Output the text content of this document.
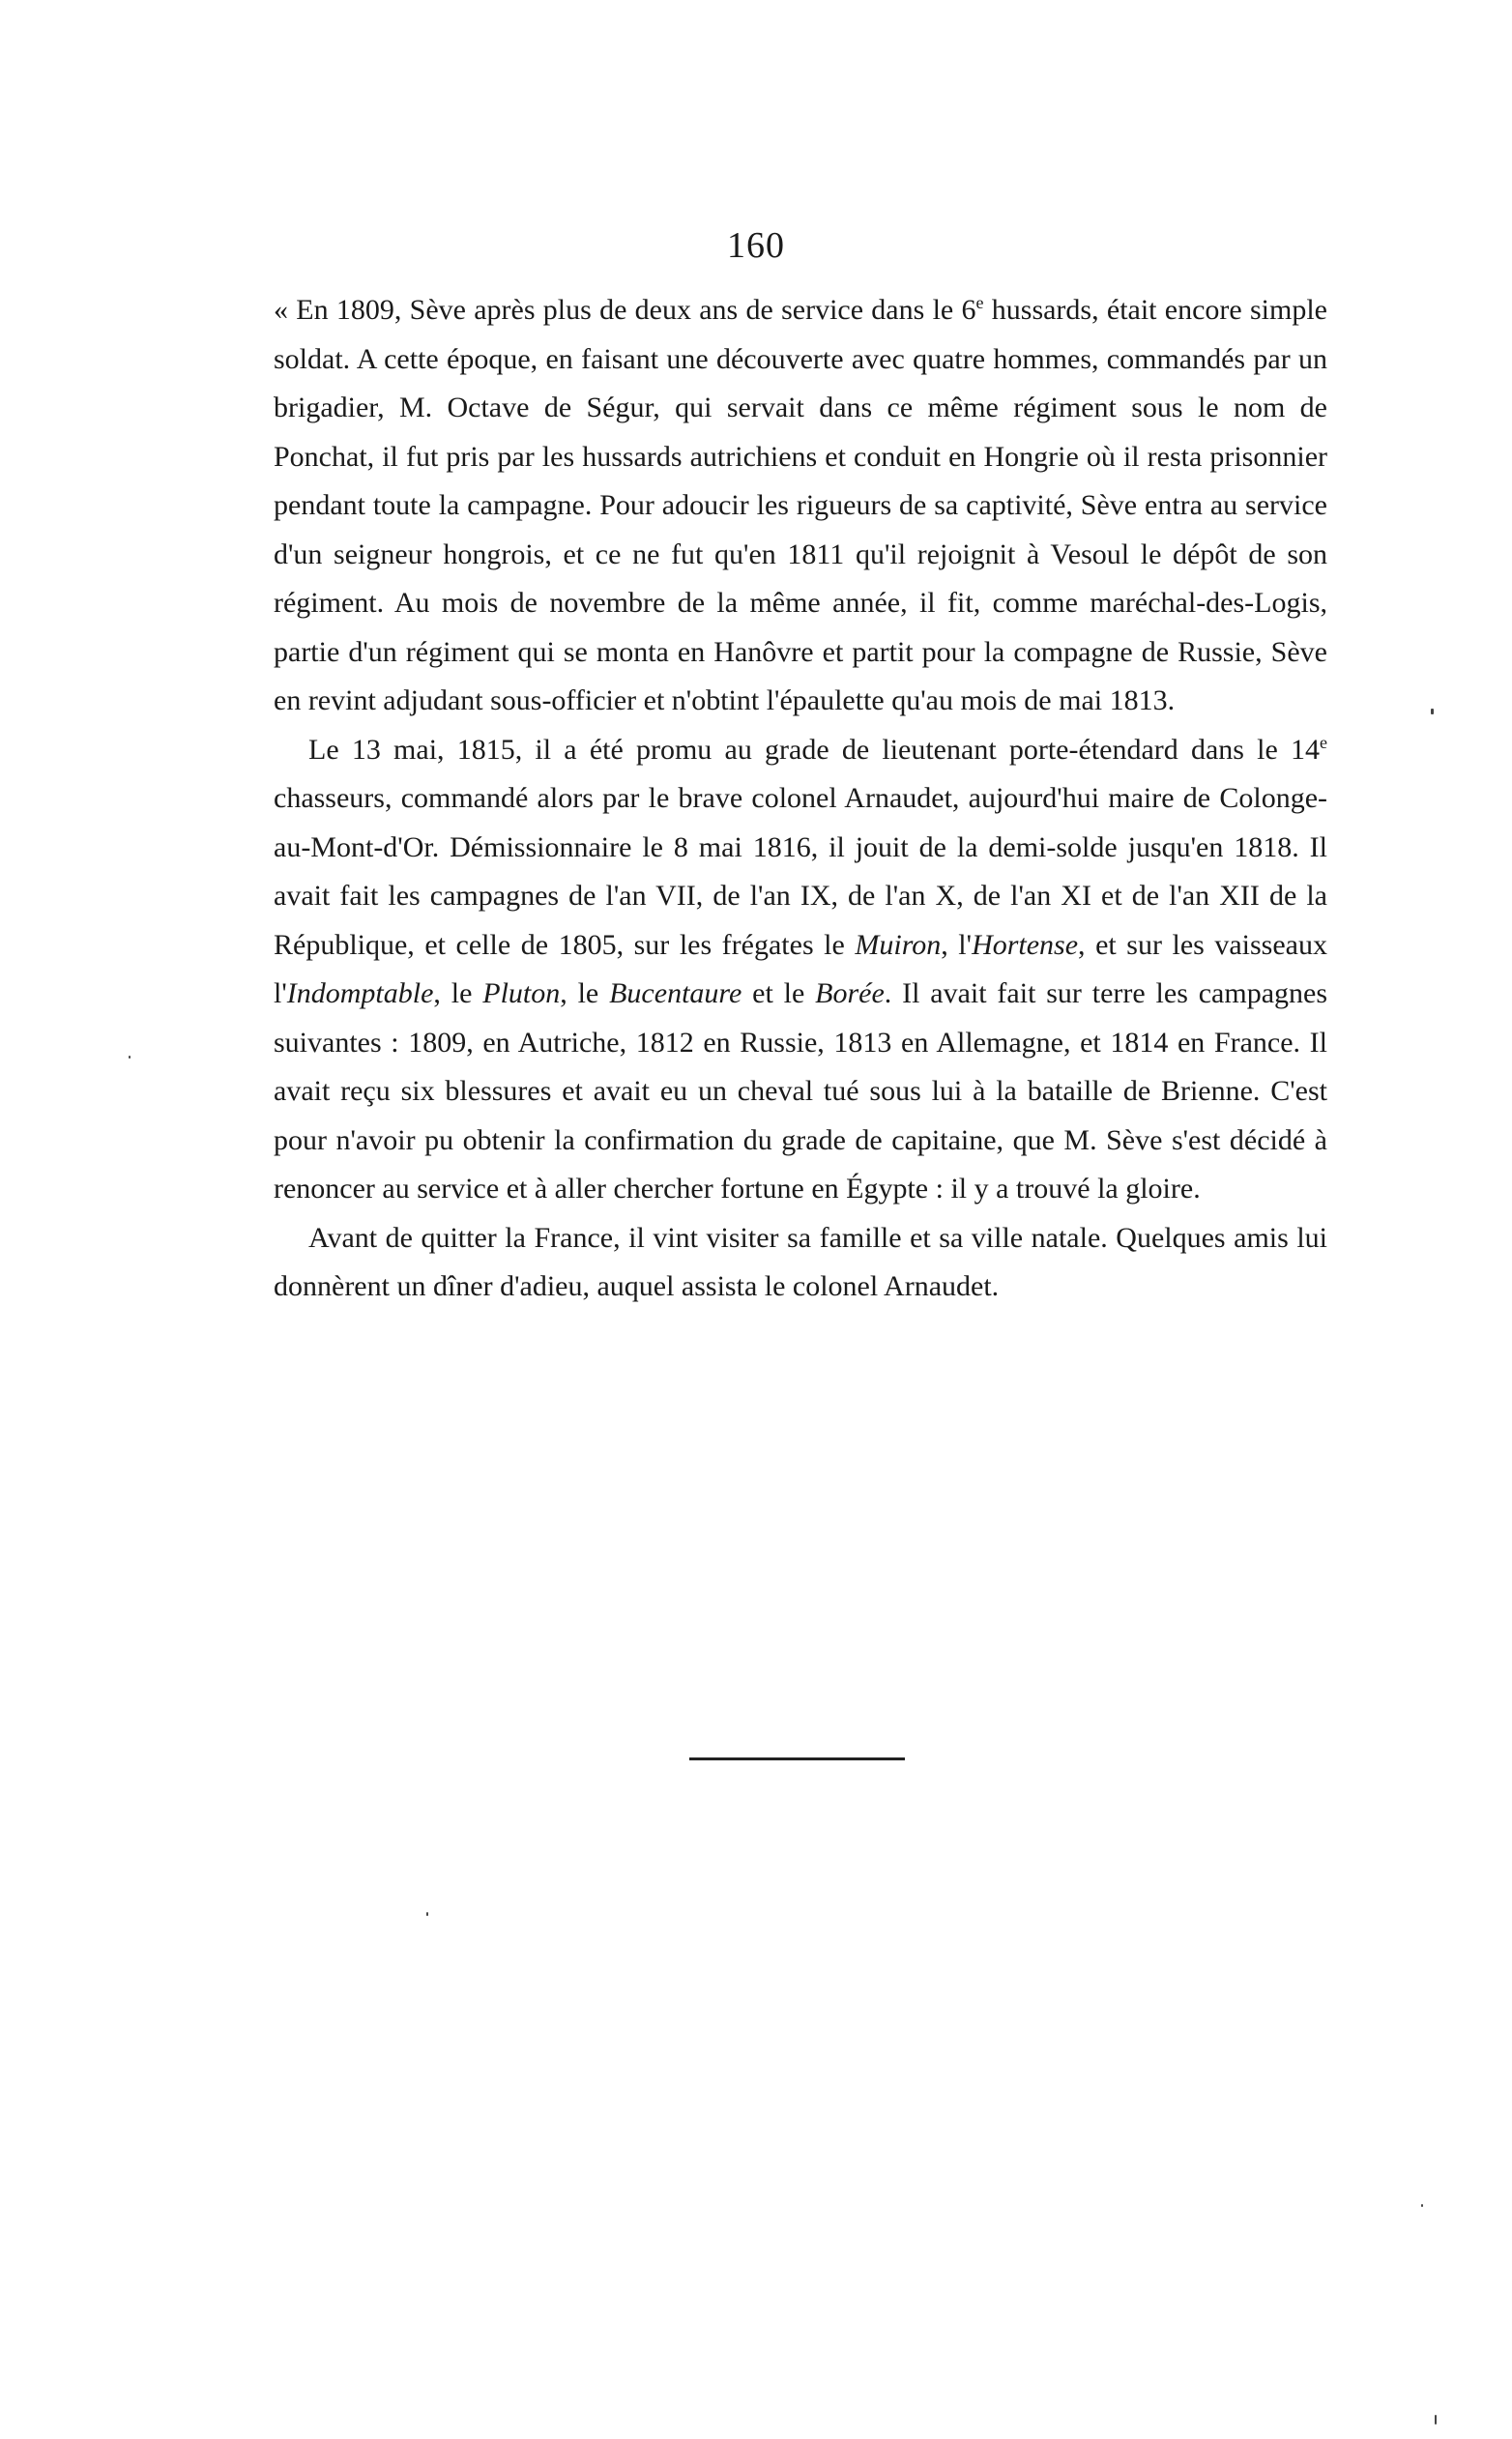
160

« En 1809, Sève après plus de deux ans de service dans le 6e hussards, était encore simple soldat. A cette époque, en faisant une découverte avec quatre hommes, commandés par un brigadier, M. Octave de Ségur, qui servait dans ce même régiment sous le nom de Ponchat, il fut pris par les hussards autrichiens et conduit en Hongrie où il resta prisonnier pendant toute la campagne. Pour adoucir les rigueurs de sa captivité, Sève entra au service d'un seigneur hongrois, et ce ne fut qu'en 1811 qu'il rejoignit à Vesoul le dépôt de son régiment. Au mois de novembre de la même année, il fit, comme maréchal-des-Logis, partie d'un régiment qui se monta en Hanôvre et partit pour la compagne de Russie, Sève en revint adjudant sous-officier et n'obtint l'épaulette qu'au mois de mai 1813.

Le 13 mai, 1815, il a été promu au grade de lieutenant porte-étendard dans le 14e chasseurs, commandé alors par le brave colonel Arnaudet, aujourd'hui maire de Colonge-au-Mont-d'Or. Démissionnaire le 8 mai 1816, il jouit de la demi-solde jusqu'en 1818. Il avait fait les campagnes de l'an VII, de l'an IX, de l'an X, de l'an XI et de l'an XII de la République, et celle de 1805, sur les frégates le Muiron, l'Hortense, et sur les vaisseaux l'Indomptable, le Pluton, le Bucentaure et le Borée. Il avait fait sur terre les campagnes suivantes : 1809, en Autriche, 1812 en Russie, 1813 en Allemagne, et 1814 en France. Il avait reçu six blessures et avait eu un cheval tué sous lui à la bataille de Brienne. C'est pour n'avoir pu obtenir la confirmation du grade de capitaine, que M. Sève s'est décidé à renoncer au service et à aller chercher fortune en Égypte : il y a trouvé la gloire.

Avant de quitter la France, il vint visiter sa famille et sa ville natale. Quelques amis lui donnèrent un dîner d'adieu, auquel assista le colonel Arnaudet.
